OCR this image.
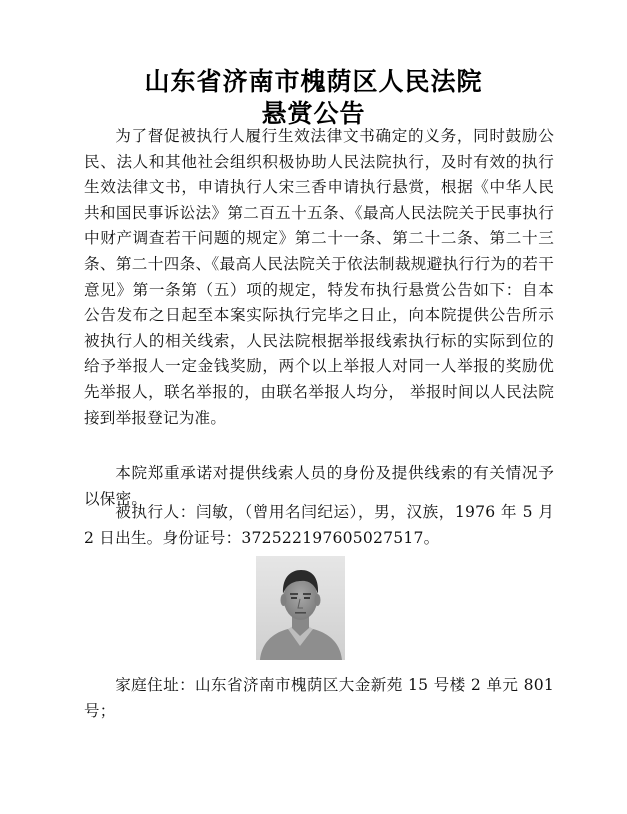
山东省济南市槐荫区人民法院
悬赏公告

为了督促被执行人履行生效法律文书确定的义务，同时鼓励公民、法人和其他社会组织积极协助人民法院执行，及时有效的执行生效法律文书，申请执行人宋三香申请执行悬赏，根据《中华人民共和国民事诉讼法》第二百五十五条、《最高人民法院关于民事执行中财产调查若干问题的规定》第二十一条、第二十二条、第二十三条、第二十四条、《最高人民法院关于依法制裁规避执行行为的若干意见》第一条第（五）项的规定，特发布执行悬赏公告如下：自本公告发布之日起至本案实际执行完毕之日止，向本院提供公告所示被执行人的相关线索，人民法院根据举报线索执行标的实际到位的给予举报人一定金钱奖励，两个以上举报人对同一人举报的奖励优先举报人，联名举报的，由联名举报人均分， 举报时间以人民法院接到举报登记为准。

本院郑重承诺对提供线索人员的身份及提供线索的有关情况予以保密。

被执行人：闫敏，（曾用名闫纪运），男，汉族，1976 年 5 月 2 日出生。身份证号：372522197605027517。

家庭住址：山东省济南市槐荫区大金新苑 15 号楼 2 单元 801 号；
